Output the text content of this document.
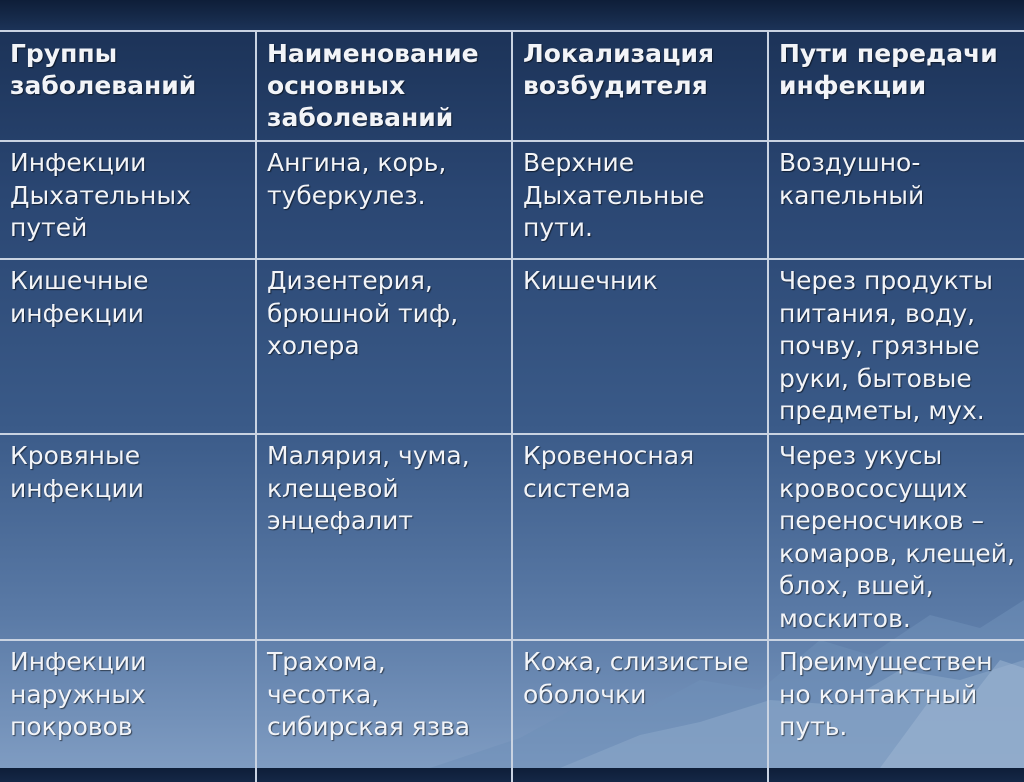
Группы заболеваний	Наименование основных заболеваний	Локализация возбудителя	Пути передачи инфекции
Инфекции Дыхательных путей	Ангина, корь, туберкулез.	Верхние Дыхательные пути.	Воздушно-капельный
Кишечные инфекции	Дизентерия, брюшной тиф, холера	Кишечник	Через продукты питания, воду, почву, грязные руки, бытовые предметы, мух.
Кровяные инфекции	Малярия, чума, клещевой энцефалит	Кровеносная система	Через укусы кровососущих переносчиков – комаров, клещей, блох, вшей, москитов.
Инфекции наружных покровов	Трахома, чесотка, сибирская язва	Кожа, слизистые оболочки	Преимуществен но контактный путь.
